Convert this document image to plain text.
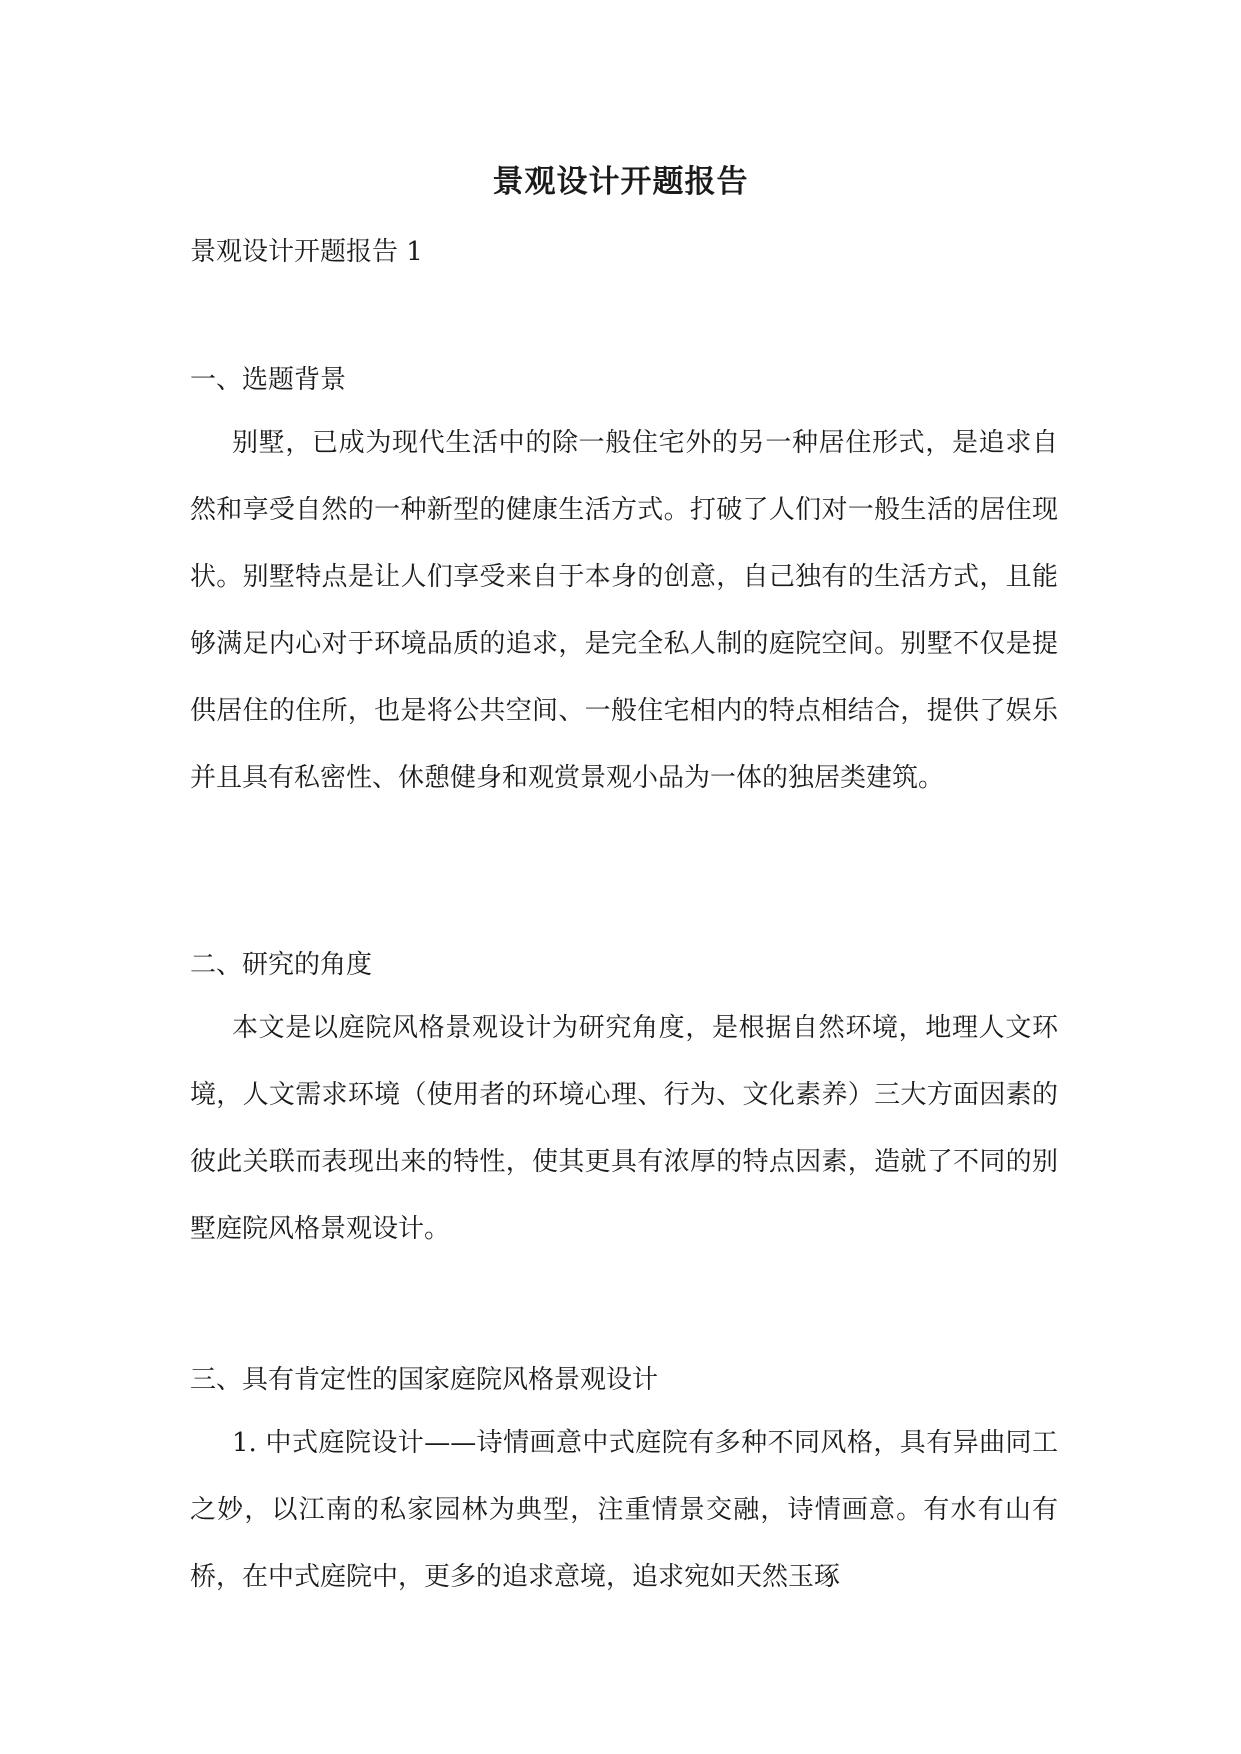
景观设计开题报告
景观设计开题报告 1
一、选题背景

别墅，已成为现代生活中的除一般住宅外的另一种居住形式，是追求自然和享受自然的一种新型的健康生活方式。打破了人们对一般生活的居住现状。别墅特点是让人们享受来自于本身的创意，自己独有的生活方式，且能够满足内心对于环境品质的追求，是完全私人制的庭院空间。别墅不仅是提供居住的住所，也是将公共空间、一般住宅相内的特点相结合，提供了娱乐并且具有私密性、休憩健身和观赏景观小品为一体的独居类建筑。

二、研究的角度

本文是以庭院风格景观设计为研究角度，是根据自然环境，地理人文环境，人文需求环境（使用者的环境心理、行为、文化素养）三大方面因素的彼此关联而表现出来的特性，使其更具有浓厚的特点因素，造就了不同的别墅庭院风格景观设计。

三、具有肯定性的国家庭院风格景观设计

1. 中式庭院设计——诗情画意中式庭院有多种不同风格，具有异曲同工之妙，以江南的私家园林为典型，注重情景交融，诗情画意。有水有山有桥，在中式庭院中，更多的追求意境，追求宛如天然玉琢
